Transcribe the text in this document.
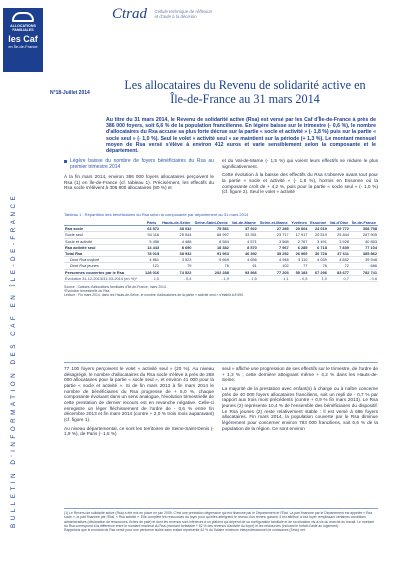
ALLOCATIONS
FAMILIALES
les Caf
en Île-de-France
BULLETIN D'INFORMATION DES CAF EN ÎLE-DE-FRANCE
Ctrad Cellule technique de réflexion
et d'aide à la décision
N°18-Juillet 2014
Les allocataires du Revenu de solidarité active en Île-de-France au 31 mars 2014
Au titre du 31 mars 2014, le Revenu de solidarité active (Rsa) est versé par les Caf d'Île-de-France à près de 386 000 foyers, soit 6,6 % de la population francilienne. En légère baisse sur le trimestre (- 0,6 %), le nombre d'allocataires du Rsa accuse sa plus forte décrue sur la partie « socle et activité » (- 1,8 %) puis sur la partie « socle seul » (- 1,0 %). Seul le volet « activité seul » se maintient sur la période (+ 1,3 %). Le montant mensuel moyen de Rsa versé s'élève à environ 412 euros et varie sensiblement selon la composante et le département.
Légère baisse du nombre de foyers bénéficiaires du Rsa au premier trimestre 2014

À la fin mars 2014, environ 386 000 foyers allocataires perçoivent le Rsa (1) en Île-de-France (cf. tableau 1). Précisément, les effectifs du Rsa socle s'élèvent à 308 800 allocataires (80 %) et

et du Val-de-Marne (- 1,5 %) qui voient leurs effectifs se réduire le plus significativement.

Cette évolution à la baisse des effectifs du Rsa s'observe avant tout pour la partie « socle et activité » (- 1,8 %), hormis en Essonne où la composante croît de + 4,2 %, puis pour la partie « socle seul » (- 1,0 %) (cf. figure 2). Seul le volet « activité

Tableau 1 : Répartition des bénéficiaires du Rsa selon la composante par département au 31 mars 2014
	Paris	Hauts-de-Seine	Seine-Saint-Denis	Val-de-Marne	Seine-et-Marne	Yvelines	Essonne	Val-d'Oise	Île-de-France
Rsa socle	63 572	38 032	75 581	37 922	27 285	20 664	24 019	29 772	308 758
Socle seul	54 116	25 544	66 997	33 351	23 717	17 917	20 519	25 844	267 905
Socle et activité	5 456	4 488	8 584	4 571	3 568	2 767	3 491	3 928	40 853
Rsa activité seul	14 443	8 690	18 382	8 570	7 967	6 285	6 718	7 839	77 104
Total Rsa	78 015	38 932	91 963	46 392	35 252	26 969	30 728	37 611	385 862
Dont Rsa majoré	4 861	3 523	9 669	4 656	4 948	3 110	4 039	4 852	39 948
Dont Rsa jeunes	121	79	76	61	102	77	76	72	686
Personnes couvertes par le Rsa	128 016	74 522	202 288	93 566	77 203	55 183	67 296	83 677	782 741
Évolution 31-12-2013/31-03-2014 (en %)*	- 1,5	- 0,4	- 1,9	- 1,5	1,1	- 0,5	1,0	0,7	- 0,6
Source : Caisses d'allocations familiales d'Île-de-France, mars 2014.
*Évolution trimestrielle du Rsa.
Lecture : Fin mars 2014, dans les Hauts-de-Seine, le nombre d'allocataires de la partie « activité seul » s'établit à 8 690.

77 100 foyers perçoivent le volet « activité seul » (20 %). Au niveau désagrégé, le nombre d'allocataires du Rsa socle s'élève à près de 268 000 allocataires pour la partie « socle seul », et environ 41 000 pour la partie « socle et activité ». Si de fin mars 2013 à fin mars 2014 le nombre de bénéficiaires du Rsa progresse de + 5,0 %, chaque composante évoluant dans un sens analogue, l'évolution trimestrielle de cette prestation de dernier recours est en revanche négative. Celle-ci enregistre un léger fléchissement de l'ordre de - 0,6 % entre fin décembre 2013 et fin mars 2014 (contre + 2,0 % trois mois auparavant) (cf. figure 1).

Au niveau départemental, ce sont les territoires de Seine-Saint-Denis (- 1,9 %), de Paris (- 1,5 %)

seul » affiche une progression de ses effectifs sur le trimestre, de l'ordre de + 1,3 % ; cette dernière atteignant même + 4,2 % dans les Hauts-de-Seine.

La majorité de la prestation avec enfant(s) à charge ou à naître concerne près de 40 000 foyers allocataires franciliens, soit un repli de - 0,7 % par rapport aux trois mois précédents (contre + 0,9 % fin mars 2013). Le Rsa jeunes (2) représente 10,4 % de l'ensemble des bénéficiaires du dispositif. Le Rsa jeunes (2) reste relativement stable : il est versé à 686 foyers allocataires. Fin mars 2014, la population couverte par le Rsa diminue légèrement pour concerner environ 783 000 franciliens, soit 6,6 % de la population de la région. Ce sont environ

(1) Le Revenu de solidarité active (Rsa) a été mis en place en juin 2009. C'est une prestation dégressive qui est financée par le Département et l'État. La part financée par le Département est appelée « Rsa socle », la part financée par l'État, « Rsa activité ». Elle complète les ressources du foyer pour qu'elles atteignent le niveau d'un revenu garanti. Il est attribué à tout foyer remplissant certaines conditions administratives (déclaration de ressources, fiches de paie) et dont les revenus sont inférieurs à un plafond qui dépend de sa configuration familiale et de sa situation vis-à-vis du marché du travail. Le montant du Rsa correspond à la différence entre le montant maximal du Rsa (montant forfaitaire + 62 % des revenus d'activité du foyer) et les ressources (incluant le forfait d'aide au logement).

Rappelons que le montant de Rsa versé pour une personne isolée sans enfant représente 44 % du Salaire minimum interprofessionnel de croissance (Smic) net.
